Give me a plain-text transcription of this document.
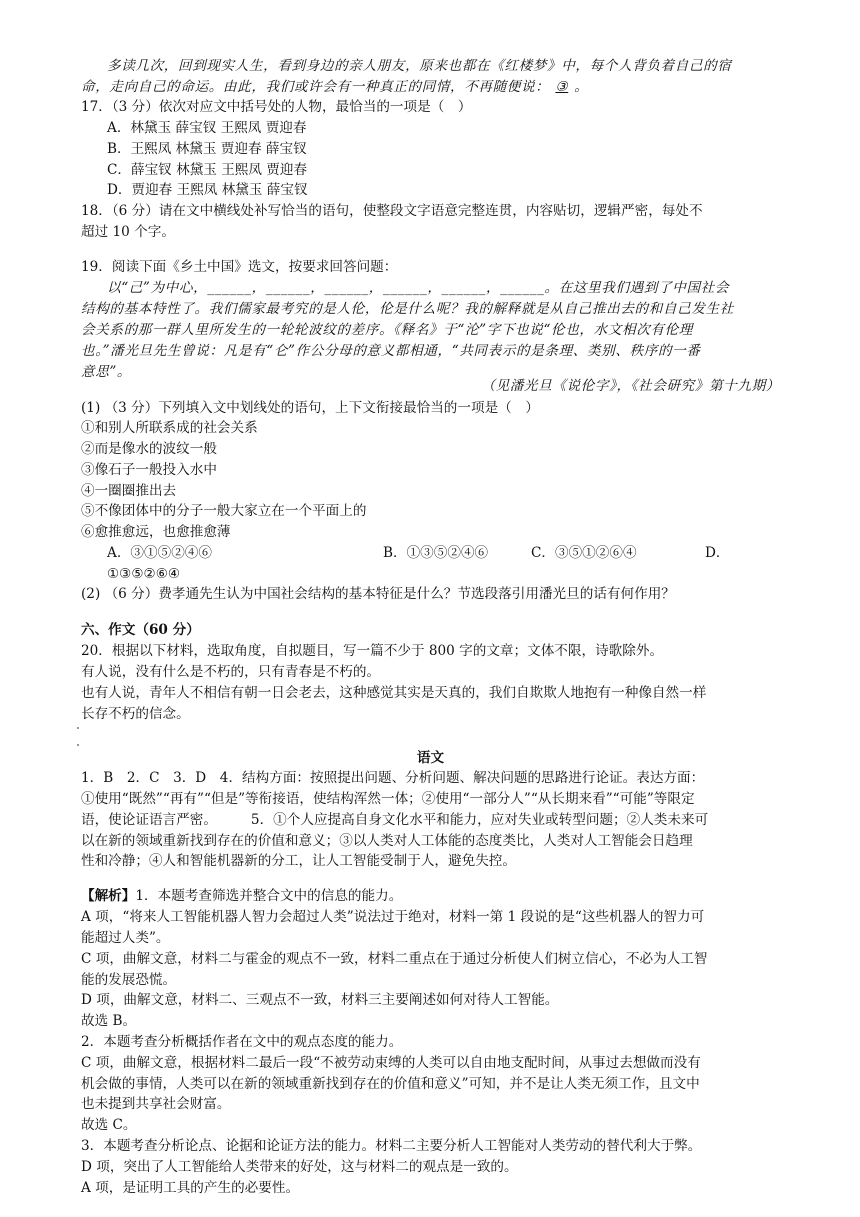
多读几次，回到现实人生，看到身边的亲人朋友，原来也都在《红楼梦》中，每个人背负着自己的宿
命，走向自己的命运。由此，我们或许会有一种真正的同情，不再随便说： ③ 。
17．（3 分）依次对应文中括号处的人物，最恰当的一项是（　）
A．林黛玉 薛宝钗 王熙凤 贾迎春
B．王熙凤 林黛玉 贾迎春 薛宝钗
C．薛宝钗 林黛玉 王熙凤 贾迎春
D．贾迎春 王熙凤 林黛玉 薛宝钗
18．（6 分）请在文中横线处补写恰当的语句，使整段文字语意完整连贯，内容贴切，逻辑严密，每处不
超过 10 个字。
19．阅读下面《乡土中国》选文，按要求回答问题：
以“己”为中心，______，______，______，______，______，______。在这里我们遇到了中国社会
结构的基本特性了。我们儒家最考究的是人伦，伦是什么呢？我的解释就是从自己推出去的和自己发生社
会关系的那一群人里所发生的一轮轮波纹的差序。《释名》于“沦”字下也说“伦也，水文相次有伦理
也。”潘光旦先生曾说：凡是有“仑”作公分母的意义都相通，“共同表示的是条理、类别、秩序的一番
意思”。
（见潘光旦《说伦字》，《社会研究》第十九期）
(1) （3 分）下列填入文中划线处的语句，上下文衔接最恰当的一项是（　）
①和别人所联系成的社会关系
②而是像水的波纹一般
③像石子一般投入水中
④一圈圈推出去
⑤不像团体中的分子一般大家立在一个平面上的
⑥愈推愈远，也愈推愈薄
A．③①⑤②④⑥	B．①③⑤②④⑥	C．③⑤①②⑥④	D．
①③⑤②⑥④
(2) （6 分）费孝通先生认为中国社会结构的基本特征是什么？节选段落引用潘光旦的话有何作用？
六、作文（60 分）
20．根据以下材料，选取角度，自拟题目，写一篇不少于 800 字的文章；文体不限，诗歌除外。
有人说，没有什么是不朽的，只有青春是不朽的。
也有人说，青年人不相信有朝一日会老去，这种感觉其实是天真的，我们自欺欺人地抱有一种像自然一样
长存不朽的信念。
语文
1．B　2．C　3．D　4．结构方面：按照提出问题、分析问题、解决问题的思路进行论证。表达方面：
①使用“既然”“再有”“但是”等衔接语，使结构浑然一体；②使用“一部分人”“从长期来看”“可能”等限定
语，使论证语言严密。　　　5．①个人应提高自身文化水平和能力，应对失业或转型问题；②人类未来可
以在新的领域重新找到存在的价值和意义；③以人类对人工体能的态度类比，人类对人工智能会日趋理
性和冷静；④人和智能机器新的分工，让人工智能受制于人，避免失控。
【解析】1．本题考查筛选并整合文中的信息的能力。
A 项，“将来人工智能机器人智力会超过人类”说法过于绝对，材料一第 1 段说的是“这些机器人的智力可
能超过人类”。
C 项，曲解文意，材料二与霍金的观点不一致，材料二重点在于通过分析使人们树立信心，不必为人工智
能的发展恐慌。
D 项，曲解文意，材料二、三观点不一致，材料三主要阐述如何对待人工智能。
故选 B。
2．本题考查分析概括作者在文中的观点态度的能力。
C 项，曲解文意，根据材料二最后一段“不被劳动束缚的人类可以自由地支配时间，从事过去想做而没有
机会做的事情，人类可以在新的领域重新找到存在的价值和意义”可知，并不是让人类无须工作，且文中
也未提到共享社会财富。
故选 C。
3．本题考查分析论点、论据和论证方法的能力。材料二主要分析人工智能对人类劳动的替代利大于弊。
D 项，突出了人工智能给人类带来的好处，这与材料二的观点是一致的。
A 项，是证明工具的产生的必要性。
